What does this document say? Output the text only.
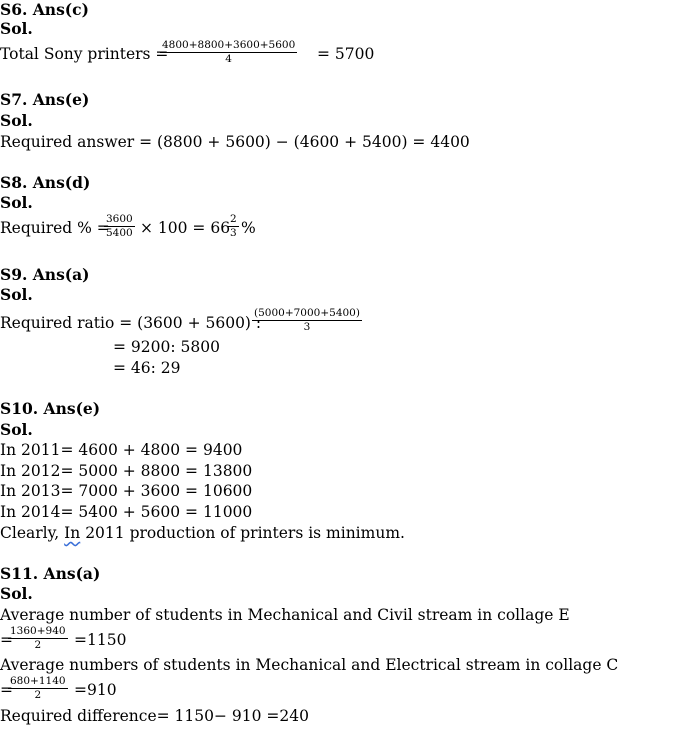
S6. Ans(c)
Sol.
Total Sony printers =
$\frac{4800+8800+3600+5600}{4} = 5700$
S7. Ans(e)
Sol.
Required answer = (8800 + 5600) − (4600 + 5400) = 4400
S8. Ans(d)
Sol.
Required % =
$\frac{3600}{5400} \times 100 = 66$
$\frac{2}{3}$ %
S9. Ans(a)
Sol.
Required ratio = (3600 + 5600) :
$\frac{(5000+7000+5400)}{3}$
= 9200: 5800
= 46: 29
S10. Ans(e)
Sol.
In 2011= 4600 + 4800 = 9400
In 2012= 5000 + 8800 = 13800
In 2013= 7000 + 3600 = 10600
In 2014= 5400 + 5600 = 11000
Clearly, In 2011 production of printers is minimum.
S11. Ans(a)
Sol.
Average number of students in Mechanical and Civil stream in collage E
=
$\frac{1360+940}{2} =1150$
Average numbers of students in Mechanical and Electrical stream in collage C
=
$\frac{680+1140}{2} =910$
Required difference= 1150− 910 =240
